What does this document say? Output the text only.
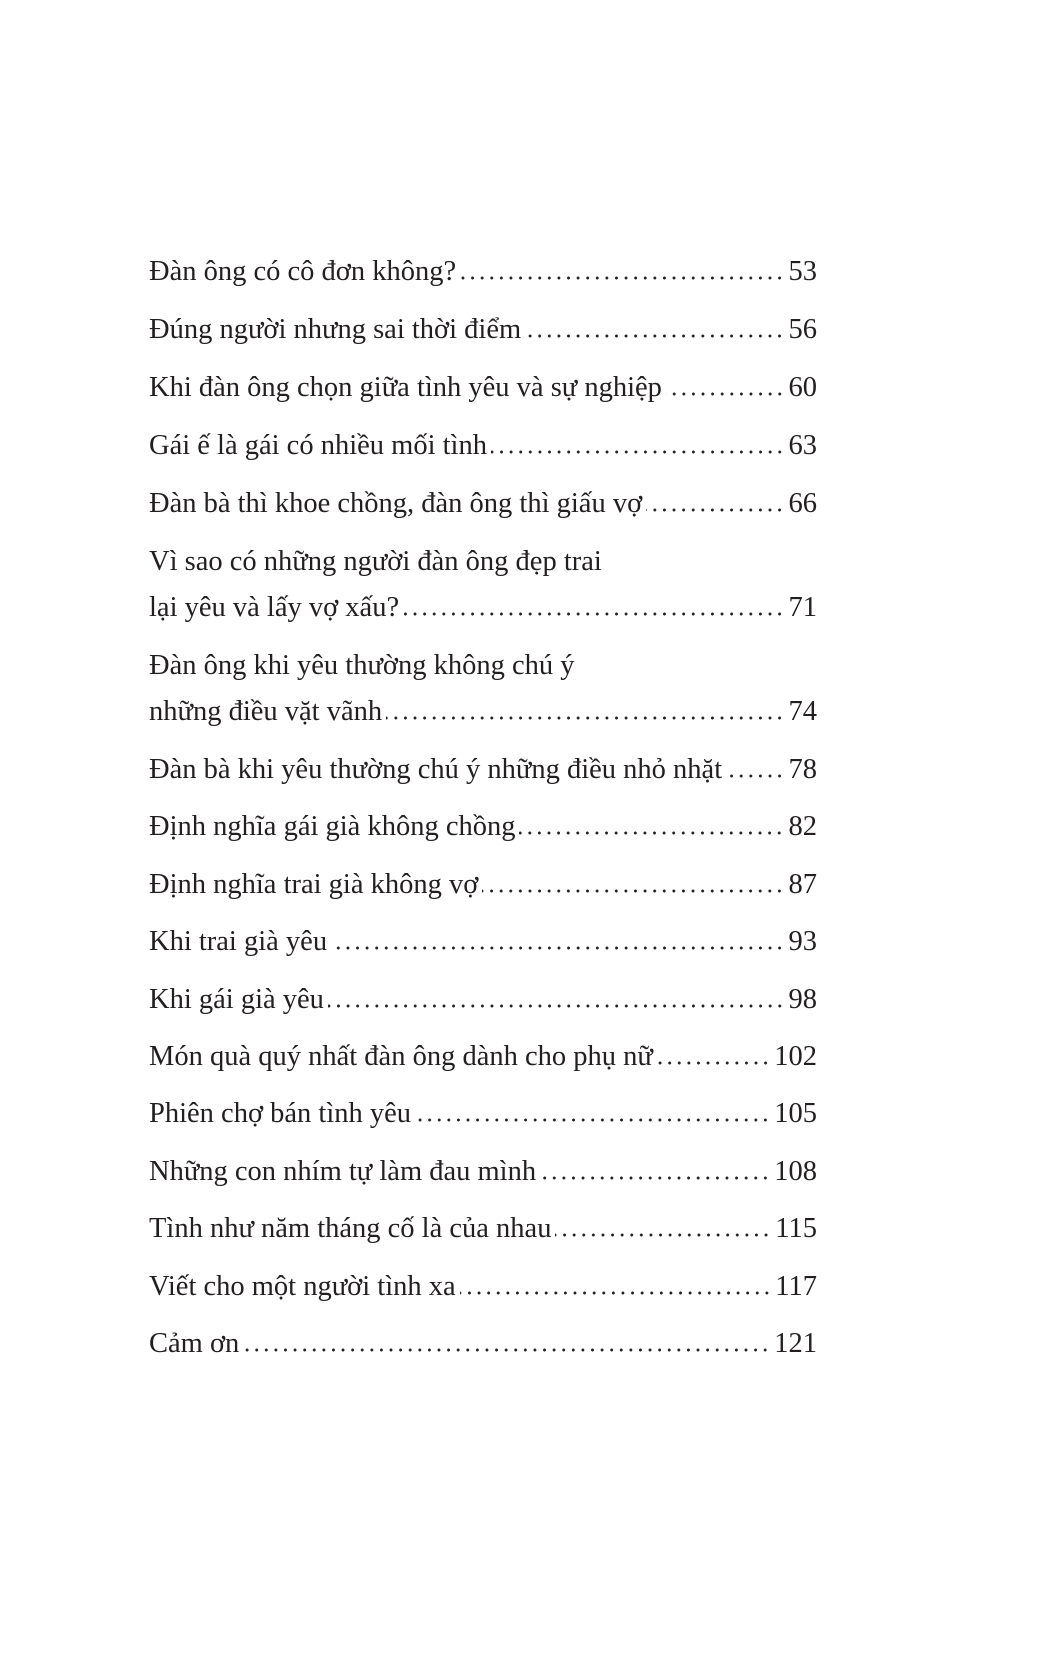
Đàn ông có cô đơn không?	53
Đúng người nhưng sai thời điểm	56
Khi đàn ông chọn giữa tình yêu và sự nghiệp	60
Gái ế là gái có nhiều mối tình	63
Đàn bà thì khoe chồng, đàn ông thì giấu vợ	66
Vì sao có những người đàn ông đẹp trai
lại yêu và lấy vợ xấu?	71
Đàn ông khi yêu thường không chú ý
những điều vặt vãnh	74
Đàn bà khi yêu thường chú ý những điều nhỏ nhặt 78
Định nghĩa gái già không chồng	82
Định nghĩa trai già không vợ	87
Khi trai già yêu	93
Khi gái già yêu	98
Món quà quý nhất đàn ông dành cho phụ nữ	102
Phiên chợ bán tình yêu	105
Những con nhím tự làm đau mình	108
Tình như năm tháng cố là của nhau	115
Viết cho một người tình xa	117
Cảm ơn	121
